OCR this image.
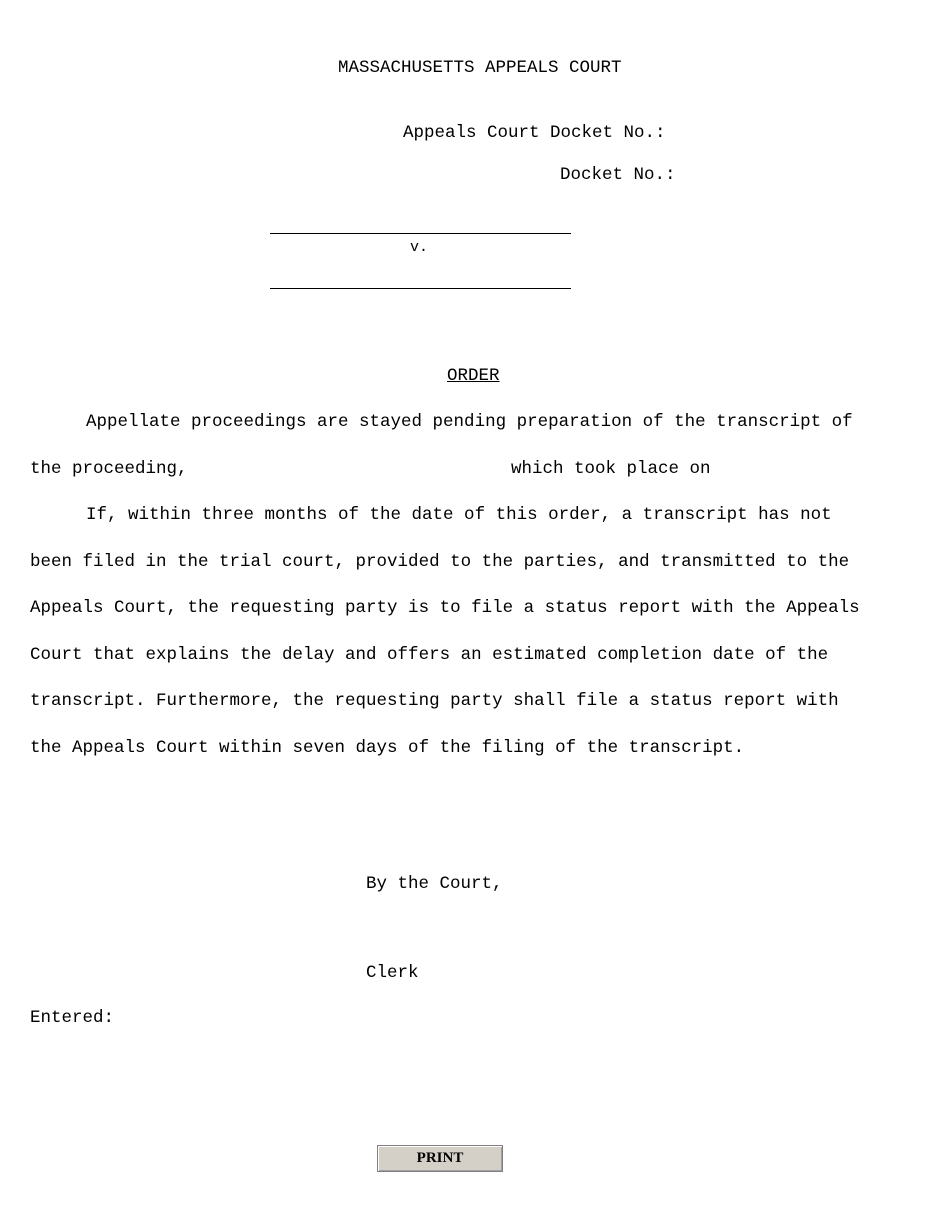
MASSACHUSETTS APPEALS COURT
Appeals Court Docket No.:
Docket No.:
v.
ORDER
Appellate proceedings are stayed pending preparation of the transcript of
the proceeding,	which took place on
If, within three months of the date of this order, a transcript has not
been filed in the trial court, provided to the parties, and transmitted to the
Appeals Court, the requesting party is to file a status report with the Appeals
Court that explains the delay and offers an estimated completion date of the
transcript. Furthermore, the requesting party shall file a status report with
the Appeals Court within seven days of the filing of the transcript.
By the Court,
Clerk
Entered:
PRINT
